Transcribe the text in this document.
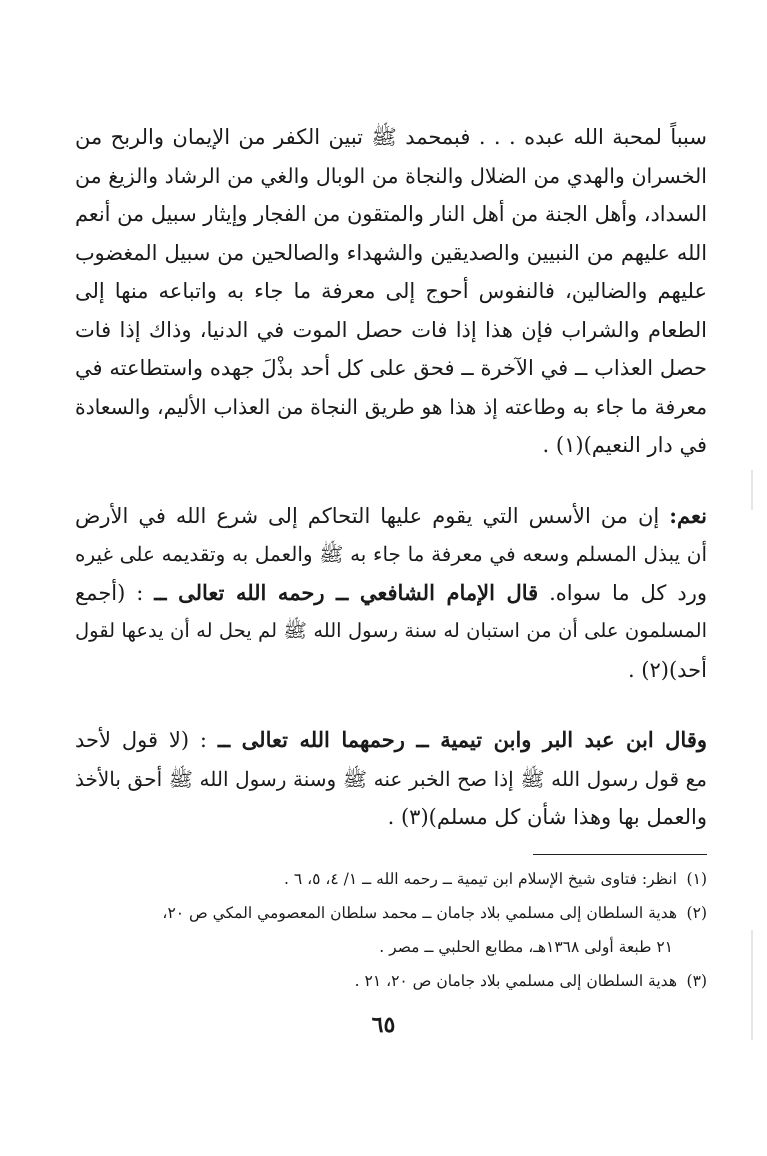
سبباً لمحبة الله عبده . . . فبمحمد ﷺ تبين الكفر من الإيمان والربح من
الخسران والهدي من الضلال والنجاة من الوبال والغي من الرشاد والزيغ من
السداد، وأهل الجنة من أهل النار والمتقون من الفجار وإيثار سبيل من أنعم
الله عليهم من النبيين والصديقين والشهداء والصالحين من سبيل المغضوب
عليهم والضالين، فالنفوس أحوج إلى معرفة ما جاء به واتباعه منها إلى
الطعام والشراب فإن هذا إذا فات حصل الموت في الدنيا، وذاك إذا فات
حصل العذاب ــ في الآخرة ــ فحق على كل أحد بذْلَ جهده واستطاعته في
معرفة ما جاء به وطاعته إذ هذا هو طريق النجاة من العذاب الأليم، والسعادة
في دار النعيم)(١) .
نعم: إن من الأسس التي يقوم عليها التحاكم إلى شرع الله في الأرض
أن يبذل المسلم وسعه في معرفة ما جاء به ﷺ والعمل به وتقديمه على غيره
ورد كل ما سواه. قال الإمام الشافعي ــ رحمه الله تعالى ــ : (أجمع
المسلمون على أن من استبان له سنة رسول الله ﷺ لم يحل له أن يدعها لقول
أحد)(٢) .
وقال ابن عبد البر وابن تيمية ــ رحمهما الله تعالى ــ : (لا قول لأحد
مع قول رسول الله ﷺ إذا صح الخبر عنه ﷺ وسنة رسول الله ﷺ أحق بالأخذ
والعمل بها وهذا شأن كل مسلم)(٣) .
(١)انظر: فتاوى شيخ الإسلام ابن تيمية ــ رحمه الله ــ ١/ ٤، ٥، ٦ .
(٢)هدية السلطان إلى مسلمي بلاد جامان ــ محمد سلطان المعصومي المكي ص ٢٠،
٢١ طبعة أولى ١٣٦٨هـ، مطابع الحلبي ــ مصر .
(٣)هدية السلطان إلى مسلمي بلاد جامان ص ٢٠، ٢١ .
٦٥
